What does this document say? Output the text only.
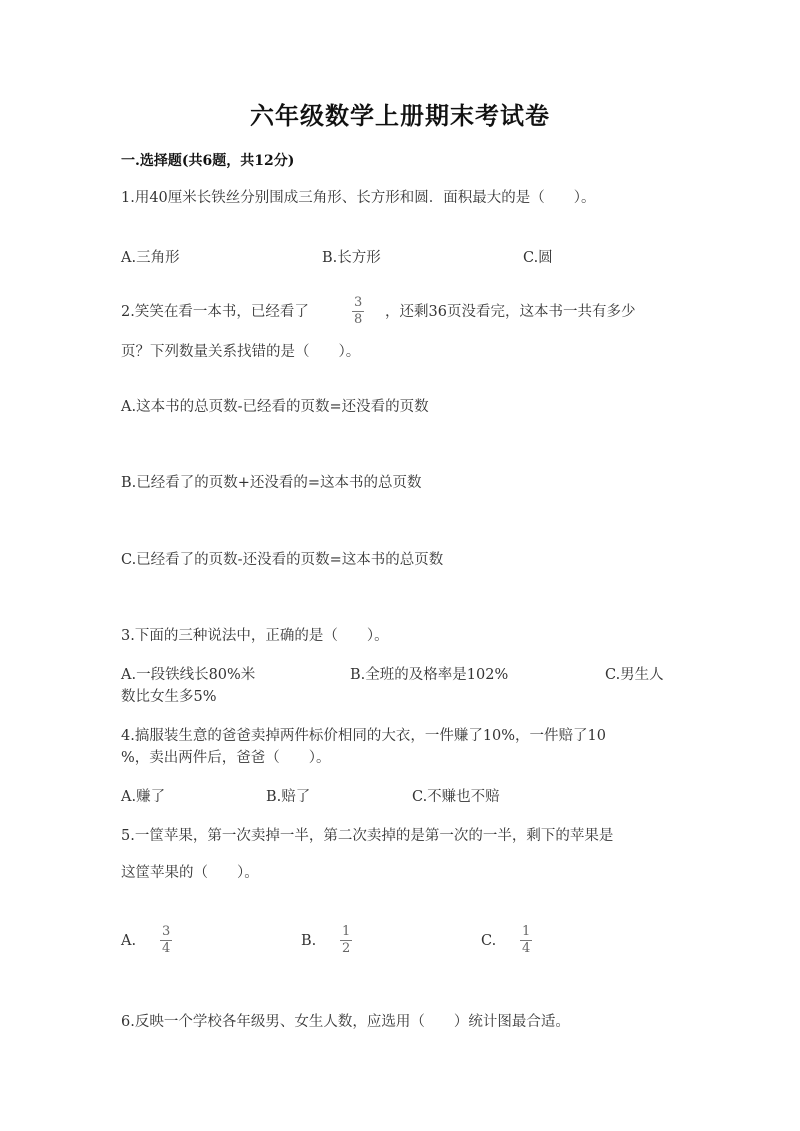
六年级数学上册期末考试卷
一.选择题(共6题，共12分)
1.用40厘米长铁丝分别围成三角形、长方形和圆．面积最大的是（　　）。
A.三角形	B.长方形	C.圆
2.笑笑在看一本书，已经看了	$\frac{3}{8}$ ，还剩36页没看完，这本书一共有多少
页？下列数量关系找错的是（　　）。
A.这本书的总页数-已经看的页数=还没看的页数
B.已经看了的页数+还没看的=这本书的总页数
C.已经看了的页数-还没看的页数=这本书的总页数
3.下面的三种说法中，正确的是（　　）。
A.一段铁线长80%米	B.全班的及格率是102%	C.男生人
数比女生多5%
4.搞服装生意的爸爸卖掉两件标价相同的大衣，一件赚了10%，一件赔了10
%，卖出两件后，爸爸（　　）。
A.赚了	B.赔了	C.不赚也不赔
5.一筐苹果，第一次卖掉一半，第二次卖掉的是第一次的一半，剩下的苹果是
这筐苹果的（　　）。
A. $\frac{3}{4}$	B. $\frac{1}{2}$	C. $\frac{1}{4}$
6.反映一个学校各年级男、女生人数，应选用（　　）统计图最合适。
